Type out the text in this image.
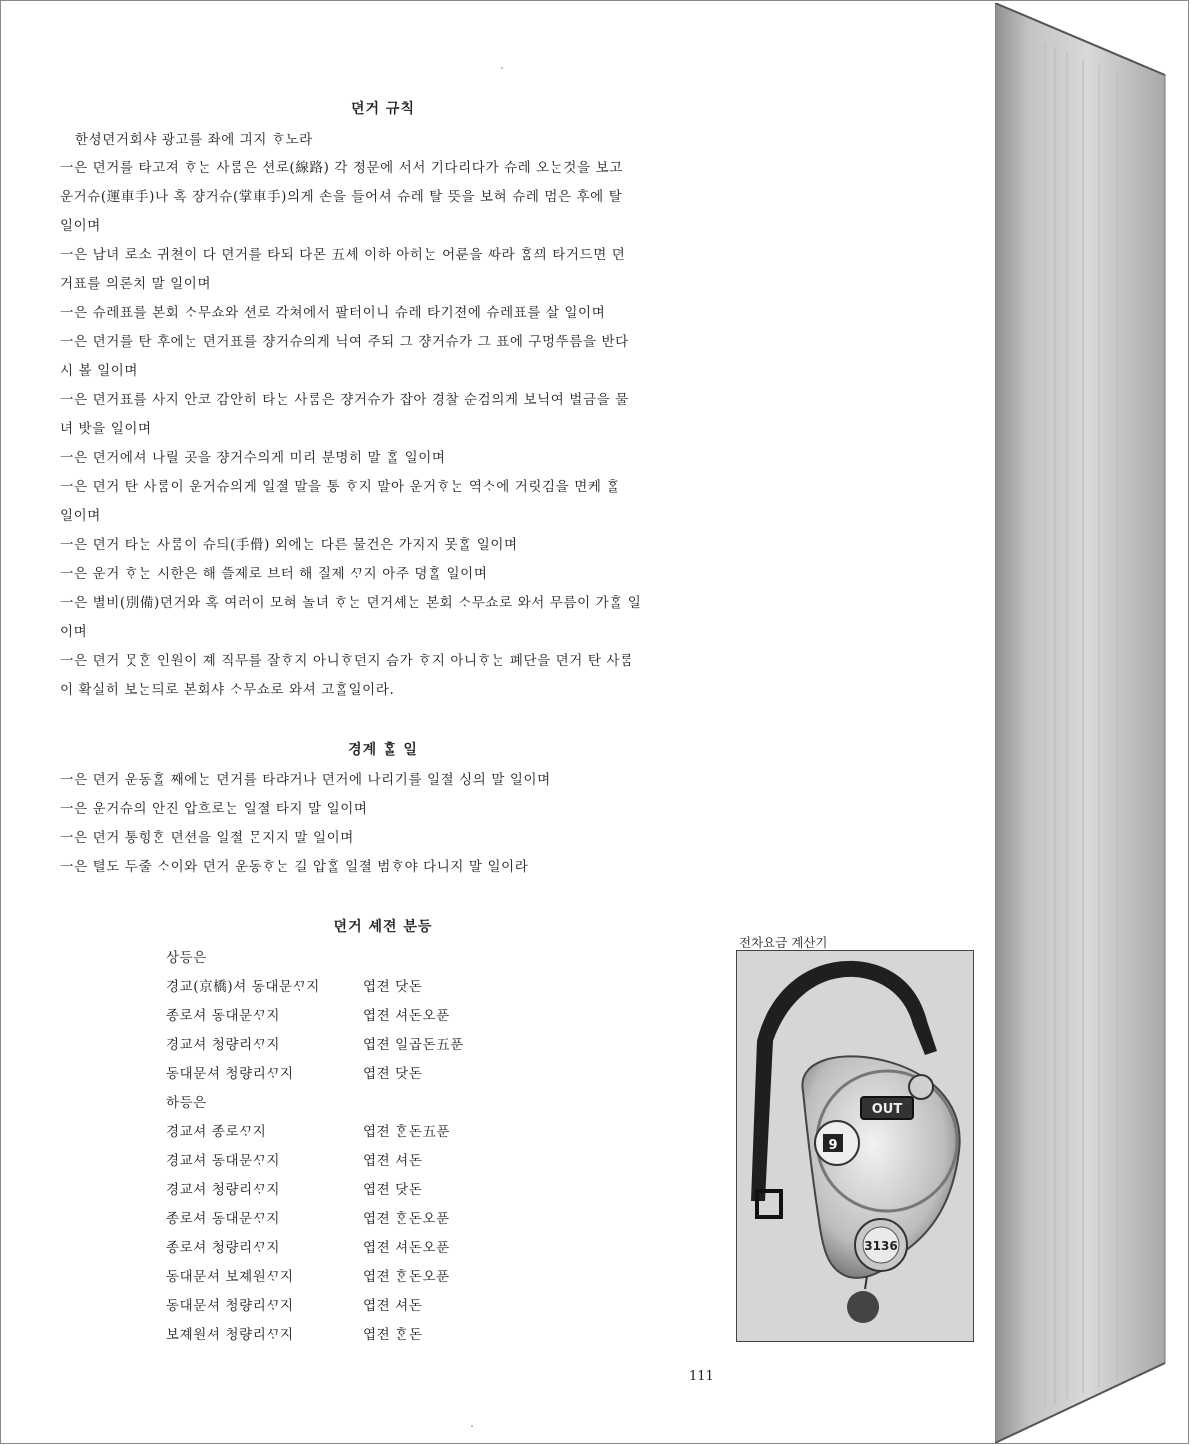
뎐거 규칙
한셩뎐거회샤 광고를 좌에 긔지 ᄒᆞ노라
一은 뎐거를 타고져 ᄒᆞᄂᆞᆫ 사ᄅᆞᆷ은 션로(線路) 각 졍문에 서서 기다리다가 슈레 오ᄂᆞᆫ것을 보고
운거슈(運車手)나 혹 쟝거슈(掌車手)의게 손을 들어셔 슈레 탈 뜻을 보혀 슈레 멈은 후에 탈
일이며
一은 남녀 로소 귀쳔이 다 뎐거를 타되 다몬 五셰 이하 아히ᄂᆞᆫ 어룬을 ᄯᅡ라 ᄒᆞᆷᄭᅴ 타거드면 뎐
거표를 의론치 말 일이며
一은 슈레표를 본회 ᄉᆞ무쇼와 션로 각쳐에서 팔터이니 슈레 타기젼에 슈레표를 살 일이며
一은 뎐거를 탄 후에ᄂᆞᆫ 뎐거표를 쟝거슈의게 닉여 주되 그 쟝거슈가 그 표에 구멍ᄯᅮ름을 반다
시 볼 일이며
一은 뎐거표를 사지 안코 감안히 타ᄂᆞᆫ 사ᄅᆞᆷ은 쟝거슈가 잡아 경찰 순검의게 보닉여 벌금을 물
녀 밧을 일이며
一은 뎐거에셔 나릴 곳을 쟝거수의게 미리 분명히 말 ᄒᆞᆯ 일이며
一은 뎐거 탄 사ᄅᆞᆷ이 운거슈의게 일졀 말을 통 ᄒᆞ지 말아 운거ᄒᆞᄂᆞᆫ 역ᄉᆞ에 거릿김을 면케 ᄒᆞᆯ
일이며
一은 뎐거 타ᄂᆞᆫ 사ᄅᆞᆷ이 슈듸(手傦) 외에ᄂᆞᆫ 다른 물건은 가지지 못ᄒᆞᆯ 일이며
一은 운거 ᄒᆞᄂᆞᆫ 시한은 해 ᄯᅳᆯ제로 브터 해 질제 ᄭᆞ지 아주 뎡ᄒᆞᆯ 일이며
一은 별비(別備)뎐거와 혹 여러이 모혀 놀녀 ᄒᆞᄂᆞᆫ 뎐거셰ᄂᆞᆫ 본회 ᄉᆞ무쇼로 와서 무름이 가ᄒᆞᆯ 일
이며
一은 뎐거 ᄆᆞᆺᄒᆞᆫ 인원이 졔 직무를 잘ᄒᆞ지 아니ᄒᆞ던지 슴가 ᄒᆞ지 아니ᄒᆞᄂᆞᆫ 폐단을 뎐거 탄 사ᄅᆞᆷ
이 확실히 보ᄂᆞᆫ듸로 본회샤 ᄉᆞ무쇼로 와셔 고ᄒᆞᆯ일이라.
경계 ᄒᆞᆯ 일
一은 뎐거 운동ᄒᆞᆯ 째에ᄂᆞᆫ 뎐거를 타랴거나 뎐거에 나리기를 일졀 싱의 말 일이며
一은 운거슈의 안진 압흐로ᄂᆞᆫ 일졀 타지 말 일이며
一은 뎐거 통힝ᄒᆞᆫ 뎐션을 일졀 ᄆᆞᆫ지지 말 일이며
一은 텰도 두줄 ᄉᆞ이와 뎐거 운동ᄒᆞᄂᆞᆫ 길 압ᄒᆞᆯ 일졀 범ᄒᆞ야 다니지 말 일이라
뎐거 셰젼 분등
상등은
경교(京橋)셔 동대문ᄭᆞ지	엽젼 닷돈
종로셔 동대문ᄭᆞ지	엽젼 셔돈오푼
경교셔 청량리ᄭᆞ지	엽젼 일곱돈五푼
동대문셔 청량리ᄭᆞ지	엽젼 닷돈
하등은
경교셔 종로ᄭᆞ지	엽젼 ᄒᆞᆫ돈五푼
경교셔 동대문ᄭᆞ지	엽젼 셔돈
경교셔 청량리ᄭᆞ지	엽젼 닷돈
종로셔 동대문ᄭᆞ지	엽젼 ᄒᆞᆫ돈오푼
종로셔 청량리ᄭᆞ지	엽젼 셔돈오푼
동대문셔 보졔원ᄭᆞ지	엽젼 ᄒᆞᆫ돈오푼
동대문셔 청량리ᄭᆞ지	엽젼 셔돈
보졔원셔 청량리ᄭᆞ지	엽젼 ᄒᆞᆫ돈
전차요금 계산기
OUT
9
3136
111
